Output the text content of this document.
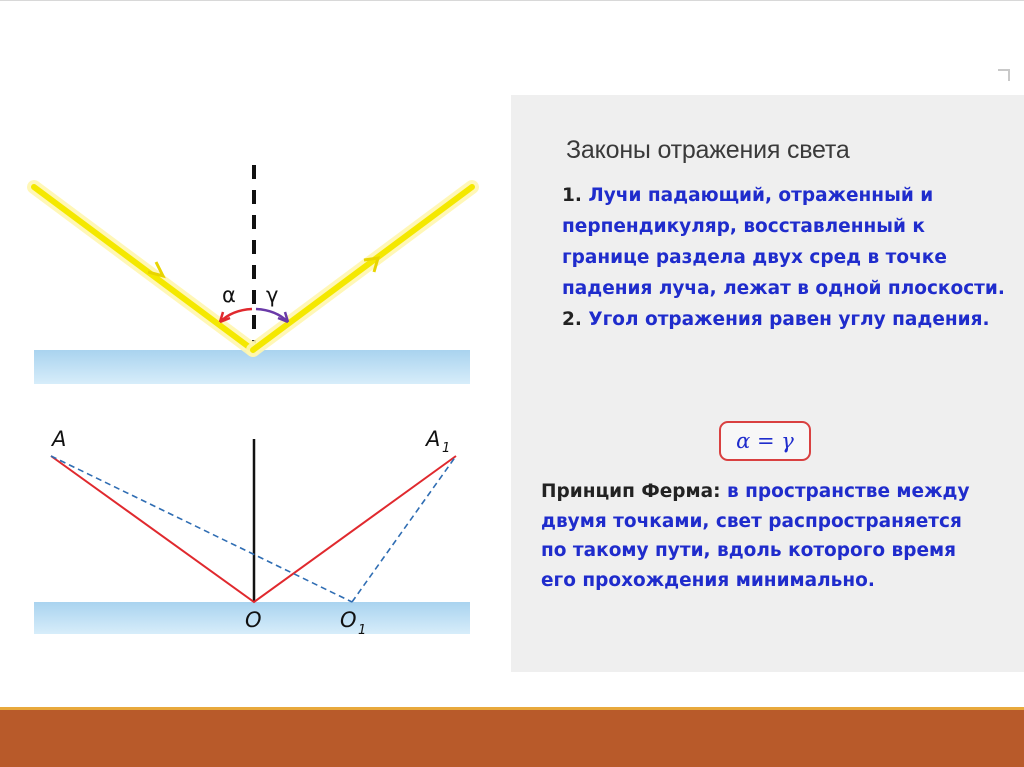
α γ
A	A 1
O	O 1
Законы отражения света

1. Лучи падающий, отраженный и перпендикуляр, восставленный к границе раздела двух сред в точке падения луча, лежат в одной плоскости.

2. Угол отражения равен углу падения.

α = γ

Принцип Ферма: в пространстве между двумя точками, свет распространяется по такому пути, вдоль которого время его прохождения минимально.
